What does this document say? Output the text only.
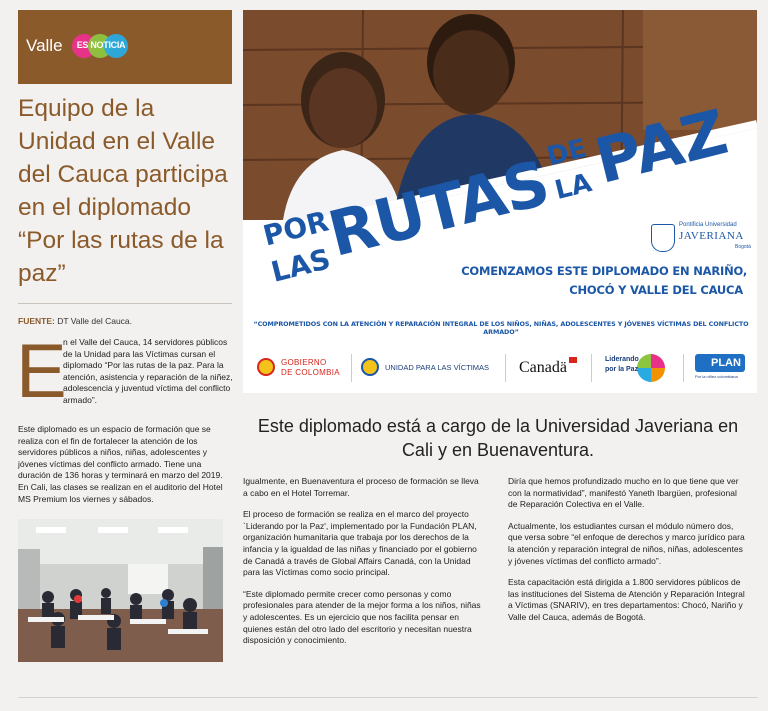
Valle	ES NOTICIA
Equipo de la Unidad en el Valle del Cauca participa en el diplomado “Por las rutas de la paz”
FUENTE: DT Valle del Cauca.
E
n el Valle del Cauca, 14 servidores públicos de la Unidad para las Víctimas cursan el diplomado “Por las rutas de la paz. Para la atención, asistencia y reparación de la niñez, adolescencia y juventud víctima del conflicto armado”.
Este diplomado es un espacio de formación que se realiza con el fin de fortalecer la atención de los servidores públicos a niños, niñas, adolescentes y jóvenes víctimas del conflicto armado. Tiene una duración de 136 horas y terminará en marzo del 2019. En Cali, las clases se realizan en el auditorio del Hotel MS Premium los viernes y sábados.
POR
LAS
RUTAS
DE
LA
PAZ
Pontificia Universidad
JAVERIANA
Bogotá
COMENZAMOS ESTE DIPLOMADO EN NARIÑO,
CHOCÓ Y VALLE DEL CAUCA
“COMPROMETIDOS CON LA ATENCIÓN Y REPARACIÓN INTEGRAL DE LOS NIÑOS, NIÑAS, ADOLESCENTES Y JÓVENES VÍCTIMAS DEL CONFLICTO ARMADO”
GOBIERNO
DE COLOMBIA
UNIDAD PARA LAS VÍCTIMAS Canadä	Liderando
por la Paz
PLAN
Por la niñez colombiana
Este diplomado está a cargo de la Universidad Javeriana en Cali y en Buenaventura.

Igualmente, en Buenaventura el proceso de formación se lleva a cabo en el Hotel Torremar.

El proceso de formación se realiza en el marco del proyecto `Liderando por la Paz', implementado por la Fundación PLAN, organización humanitaria que trabaja por los derechos de la infancia y la igualdad de las niñas y financiado por el gobierno de Canadá a través de Global Affairs Canadá, con la Unidad para las Víctimas como socio principal.

“Este diplomado permite crecer como personas y como profesionales para atender de la mejor forma a los niños, niñas y adolescentes. Es un ejercicio que nos facilita pensar en quienes están del otro lado del escritorio y necesitan nuestra disposición y conocimiento.

Diría que hemos profundizado mucho en lo que tiene que ver con la normatividad”, manifestó Yaneth Ibargüen, profesional de Reparación Colectiva en el Valle.

Actualmente, los estudiantes cursan el módulo número dos, que versa sobre “el enfoque de derechos y marco jurídico para la atención y reparación integral de niños, niñas, adolescentes y jóvenes víctimas del conflicto armado”.

Esta capacitación está dirigida a 1.800 servidores públicos de las instituciones del Sistema de Atención y Reparación Integral a Víctimas (SNARIV), en tres departamentos: Chocó, Nariño y Valle del Cauca, además de Bogotá.
